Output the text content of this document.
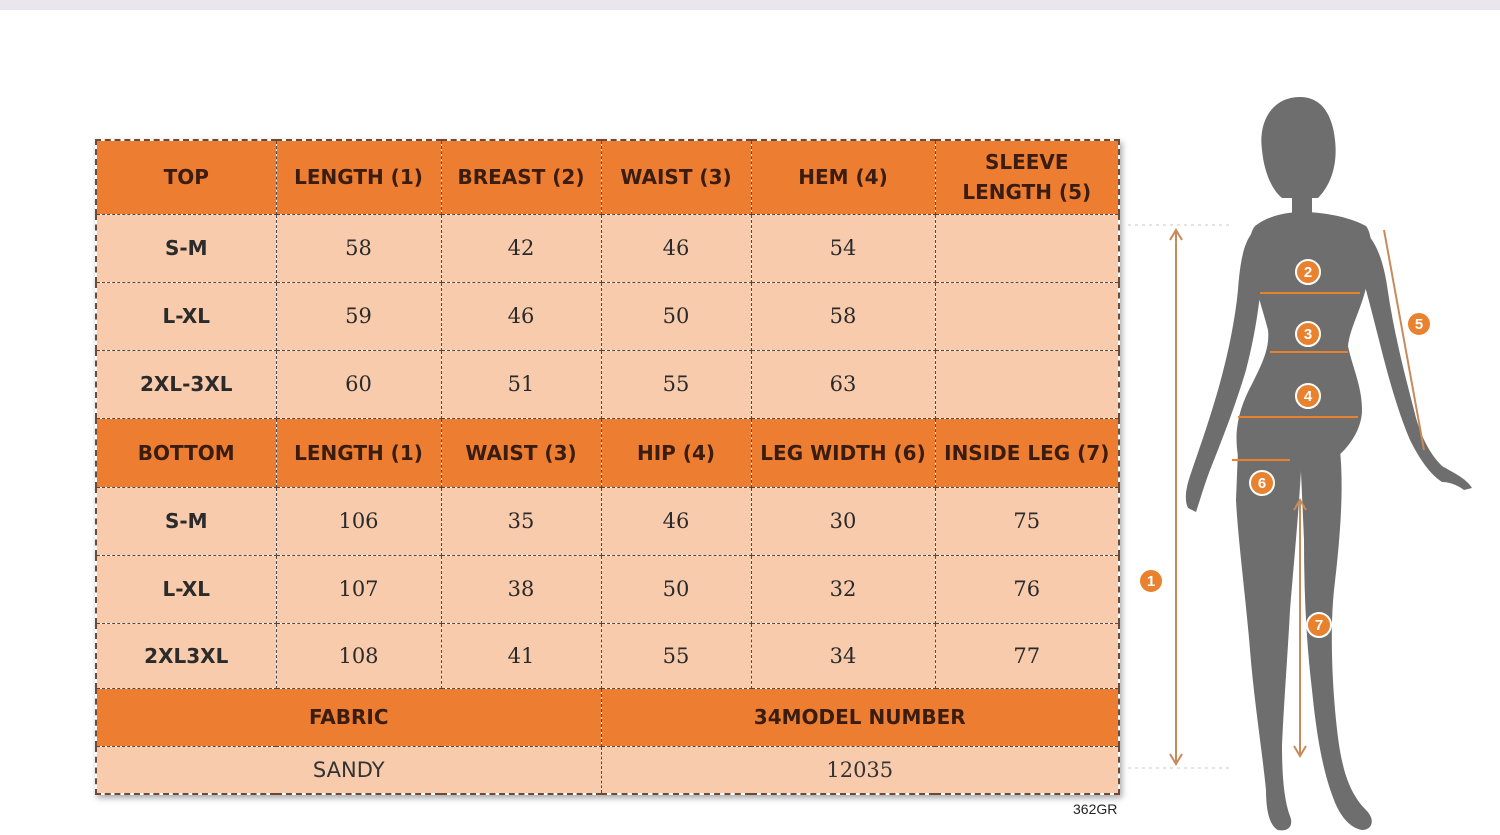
TOP	LENGTH (1)	BREAST (2)	WAIST (3)	HEM (4)	SLEEVE LENGTH (5)
S-M	58	42	46	54	
L-XL	59	46	50	58	
2XL-3XL	60	51	55	63	
BOTTOM	LENGTH (1)	WAIST (3)	HIP (4)	LEG WIDTH (6)	INSIDE LEG (7)
S-M	106	35	46	30	75
L-XL	107	38	50	32	76
2XL3XL	108	41	55	34	77
FABRIC			34MODEL NUMBER		
SANDY			12035		
362GR
1
2
3
4
5
6
7
